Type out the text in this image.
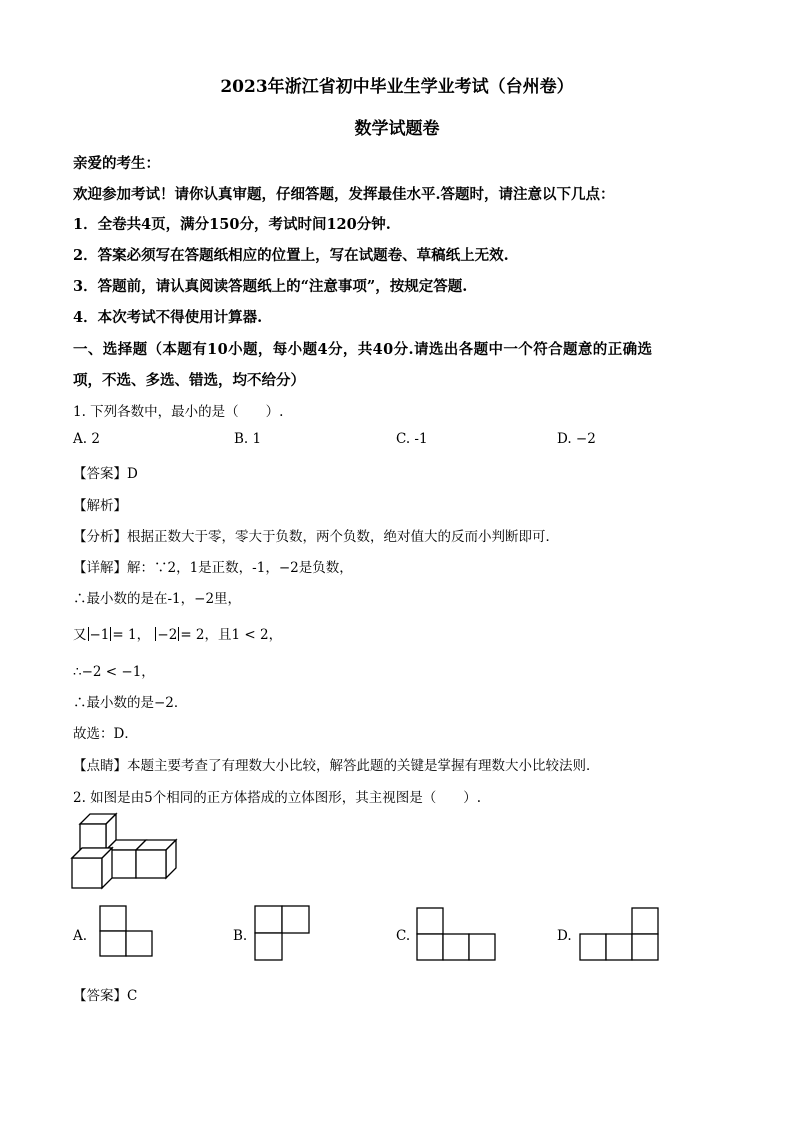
2023年浙江省初中毕业生学业考试（台州卷）
数学试题卷
亲爱的考生：
欢迎参加考试！请你认真审题，仔细答题，发挥最佳水平.答题时，请注意以下几点：
1．全卷共4页，满分150分，考试时间120分钟.
2．答案必须写在答题纸相应的位置上，写在试题卷、草稿纸上无效.
3．答题前，请认真阅读答题纸上的“注意事项”，按规定答题.
4．本次考试不得使用计算器.
一、选择题（本题有10小题，每小题4分，共40分.请选出各题中一个符合题意的正确选
项，不选、多选、错选，均不给分）
1. 下列各数中，最小的是（　　）.
A. 2	B. 1	C. -1	D. −2
【答案】D
【解析】
【分析】根据正数大于零，零大于负数，两个负数，绝对值大的反而小判断即可．
【详解】解：∵2，1是正数，-1，−2是负数，
∴最小数的是在-1，−2里，
又 −1 = 1， −2 = 2，且1 < 2，
∴−2 < −1，
∴最小数的是−2．
故选：D．
【点睛】本题主要考查了有理数大小比较，解答此题的关键是掌握有理数大小比较法则．
2. 如图是由5个相同的正方体搭成的立体图形，其主视图是（　　）.
A.	B.	C.	D.
【答案】C
